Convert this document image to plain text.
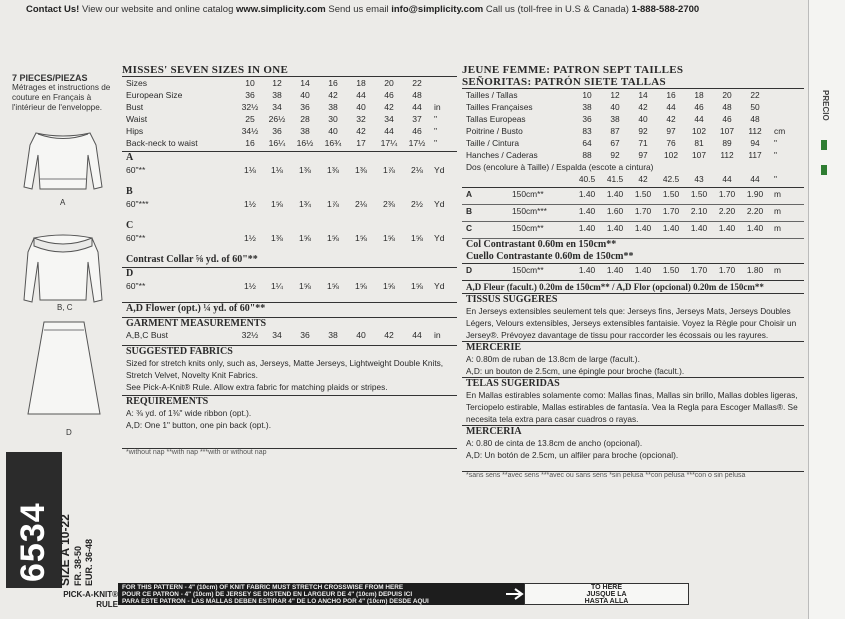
Contact Us! View our website and online catalog www.simplicity.com Send us email info@simplicity.com Call us (toll-free in U.S & Canada) 1-888-588-2700
PRECIO
7 PIECES/PIEZAS
Métrages et instructions de couture en Français à l'intérieur de l'enveloppe.
A
B, C
D
6534 SIZE A 10-22 FR. 38-50 EUR. 36-48
PICK-A-KNIT® RULE
MISSES' SEVEN SIZES IN ONE
Sizes	10	12	14	16	18	20	22
European Size	36	38	40	42	44	46	48
Bust	32½	34	36	38	40	42	44	in
Waist	25	26½	28	30	32	34	37	"
Hips	34½	36	38	40	42	44	46	"
Back-neck to waist	16	16¼	16½	16¾	17	17¼	17½	"
A
60"**	1⅛	1⅛	1⅜	1⅜	1⅜	1⅞	2⅛	Yd
B
60"***	1½	1⅝	1¾	1⅞	2⅛	2⅜	2½	Yd
C
60"**	1½	1⅜	1⅝	1⅝	1⅝	1⅝	1⅝	Yd
Contrast Collar ⅝ yd. of 60"**
D
60"**	1½	1¼	1⅝	1⅝	1⅝	1⅝	1⅝	Yd
A,D Flower (opt.) ¼ yd. of 60"**
GARMENT MEASUREMENTS
A,B,C Bust	32½	34	36	38	40	42	44	in
SUGGESTED FABRICS
Sized for stretch knits only, such as, Jerseys, Matte Jerseys, Lightweight Double Knits, Stretch Velvet, Novelty Knit Fabrics.
See Pick-A-Knit® Rule. Allow extra fabric for matching plaids or stripes.
REQUIREMENTS
A: ⅜ yd. of 1⅜" wide ribbon (opt.).
A,D: One 1" button, one pin back (opt.).
*without nap **with nap ***with or without nap
JEUNE FEMME: PATRON SEPT TAILLES
SEÑORITAS: PATRÓN SIETE TALLAS
Tailles / Tallas	10	12	14	16	18	20	22
Tailles Françaises	38	40	42	44	46	48	50
Tallas Europeas	36	38	40	42	44	46	48
Poitrine / Busto	83	87	92	97	102	107	112	cm
Taille / Cintura	64	67	71	76	81	89	94	"
Hanches / Caderas	88	92	97	102	107	112	117	"
Dos (encolure à Taille) / Espalda (escote a cintura)
40.5	41.5	42	42.5	43	44	44	"
A	150cm**	1.40	1.40	1.50	1.50	1.50	1.70	1.90	m
B	150cm***	1.40	1.60	1.70	1.70	2.10	2.20	2.20	m
C	150cm**	1.40	1.40	1.40	1.40	1.40	1.40	1.40	m
Col Contrastant 0.60m en 150cm**
Cuello Contrastante 0.60m de 150cm**
D	150cm**	1.40	1.40	1.40	1.50	1.70	1.70	1.80	m
A,D Fleur (facult.) 0.20m de 150cm** / A,D Flor (opcional) 0.20m de 150cm**
TISSUS SUGGERES
En Jerseys extensibles seulement tels que: Jerseys fins, Jerseys Mats, Jerseys Doubles Légers, Velours extensibles, Jerseys extensibles fantaisie. Voyez la Règle pour Choisir un Jersey®. Prévoyez davantage de tissu pour raccorder les écossais ou les rayures.
MERCERIE
A: 0.80m de ruban de 13.8cm de large (facult.).
A,D: un bouton de 2.5cm, une épingle pour broche (facult.).
TELAS SUGERIDAS
En Mallas estirables solamente como: Mallas finas, Mallas sin brillo, Mallas dobles ligeras, Terciopelo estirable, Mallas estirables de fantasía. Vea la Regla para Escoger Mallas®. Se necesita tela extra para casar cuadros o rayas.
MERCERIA
A: 0.80 de cinta de 13.8cm de ancho (opcional).
A,D: Un botón de 2.5cm, un alfiler para broche (opcional).
*sans sens **avec sens ***avec ou sans sens *sin pelusa **con pelusa ***con o sin pelusa
FOR THIS PATTERN - 4" (10cm) OF KNIT FABRIC MUST STRETCH CROSSWISE FROM HERE
POUR CE PATRON - 4" (10cm) DE JERSEY SE DISTEND EN LARGEUR DE 4" (10cm) DEPUIS ICI
PARA ESTE PATRON - LAS MALLAS DEBEN ESTIRAR 4" DE LO ANCHO POR 4" (10cm) DESDE AQUI
TO HERE
JUSQUE LA
HASTA ALLA
